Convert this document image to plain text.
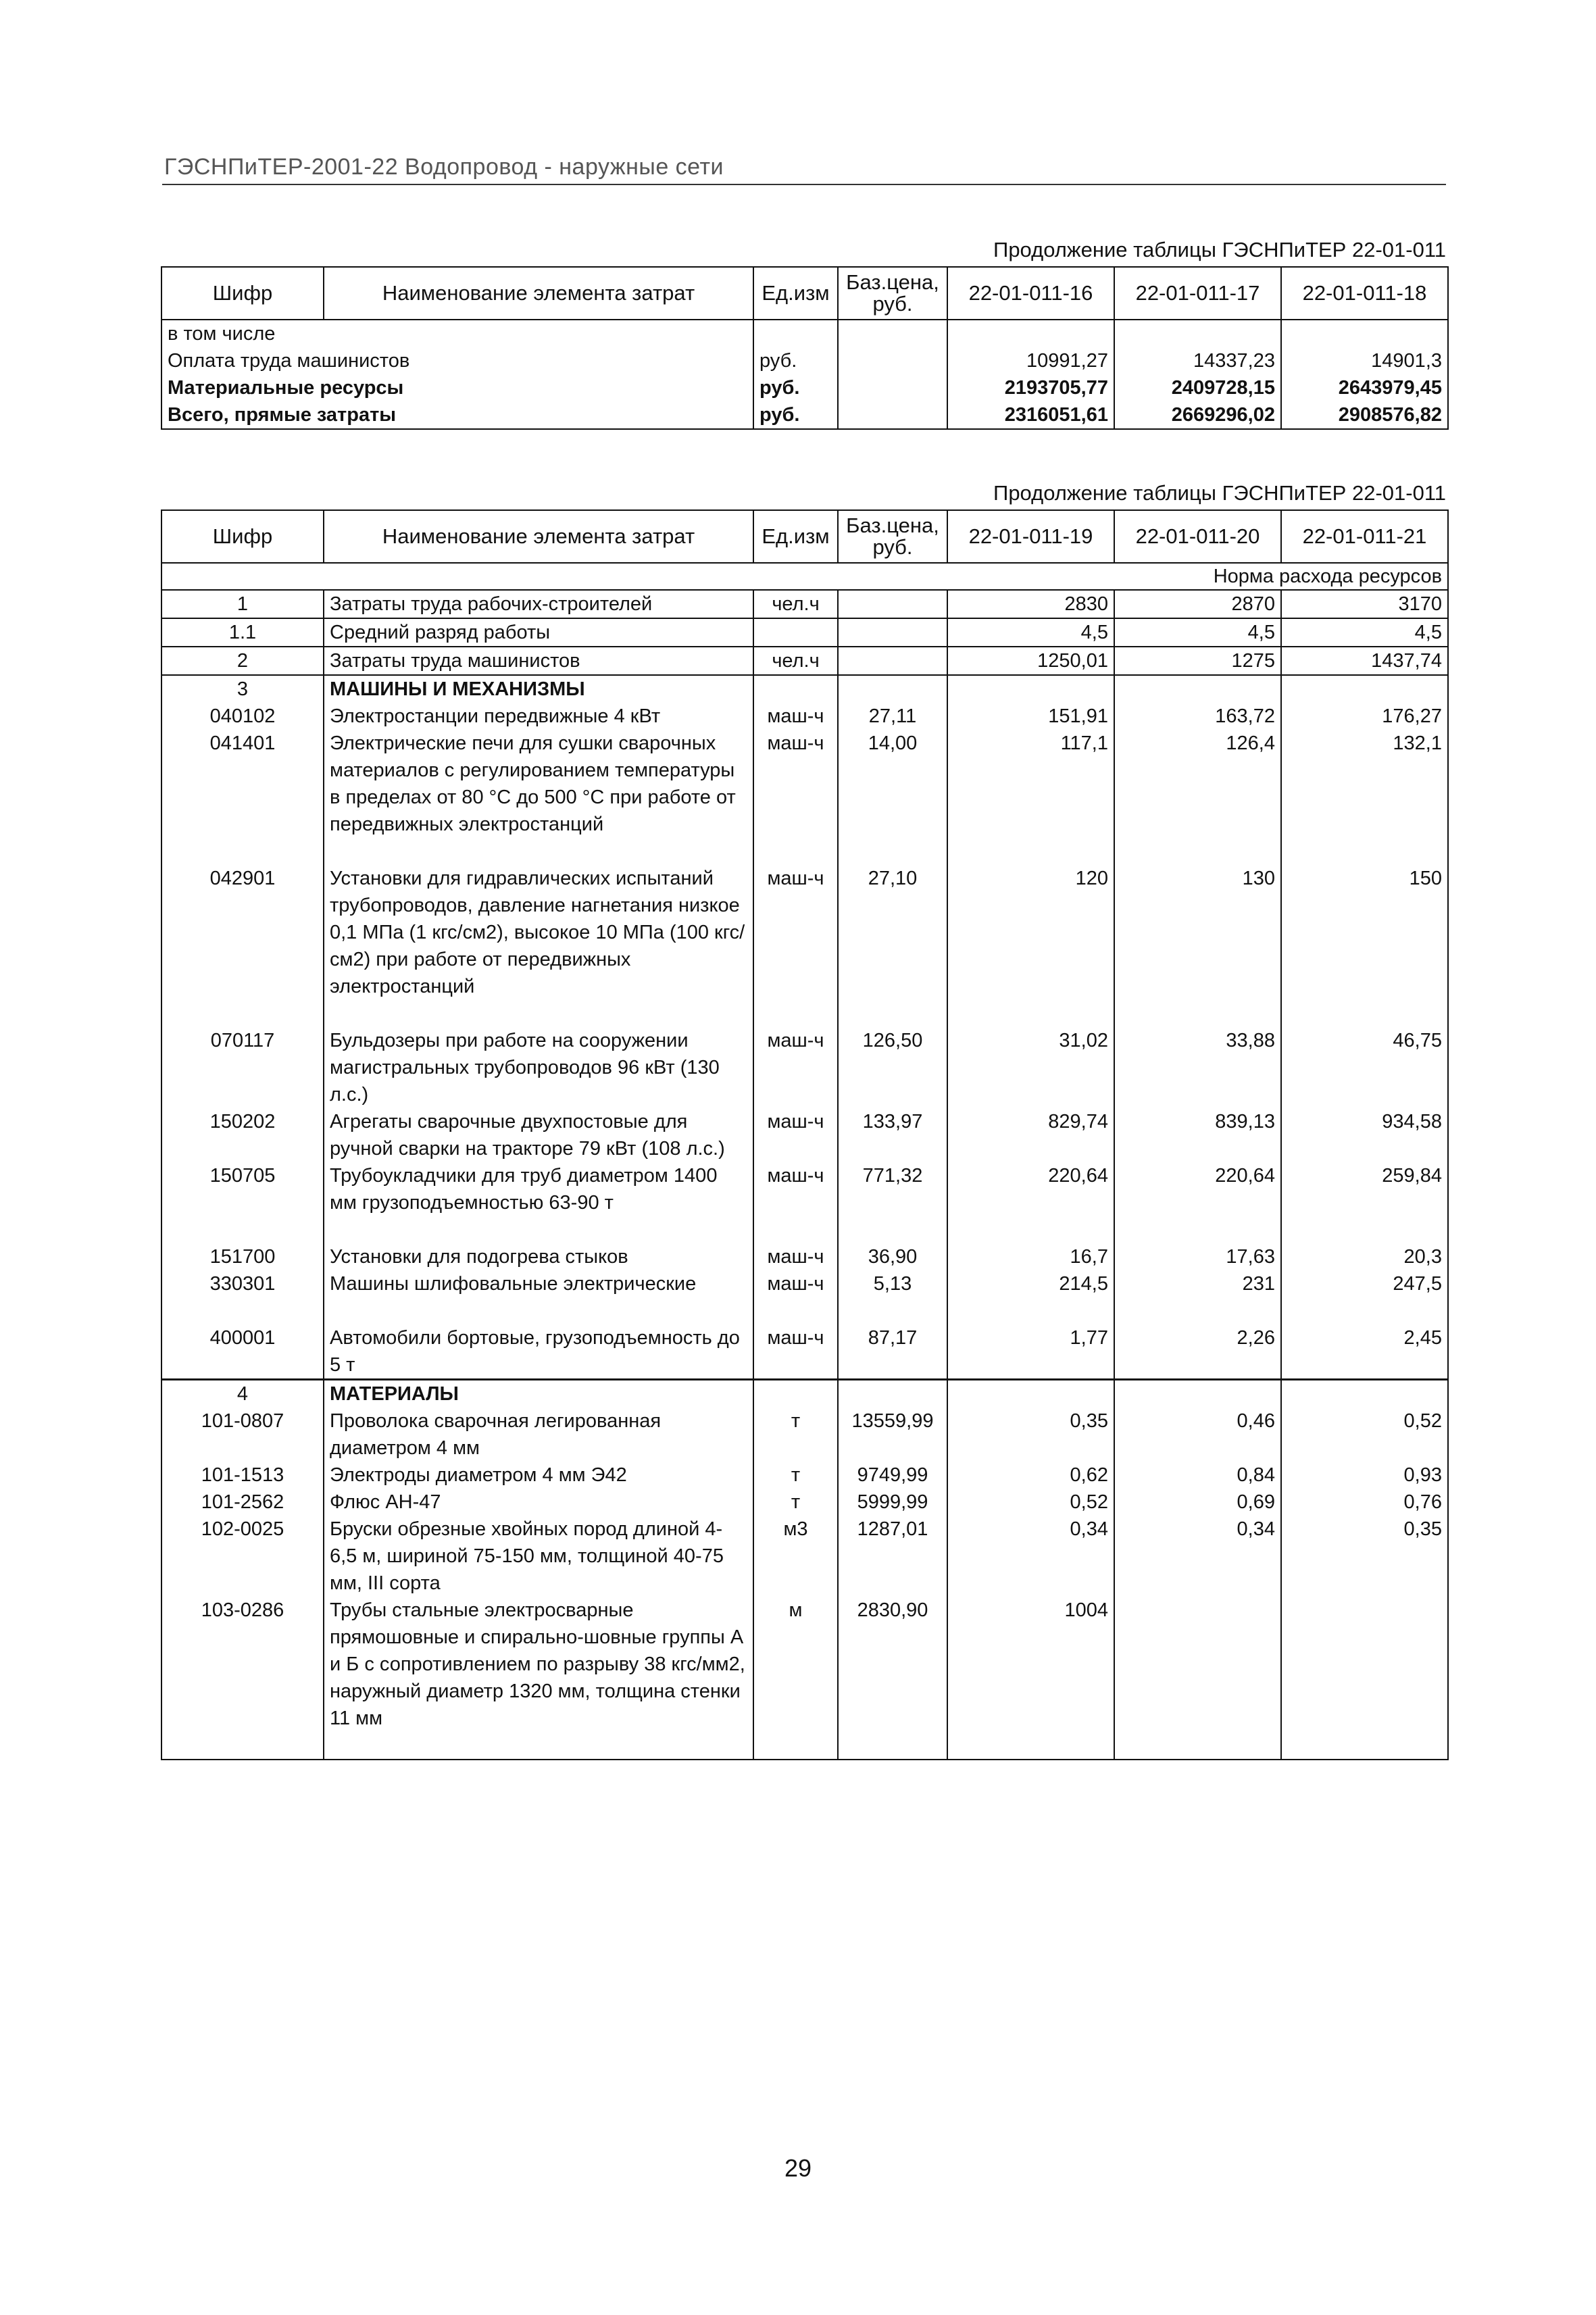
ГЭСНПиТЕР-2001-22 Водопровод - наружные сети
Продолжение таблицы ГЭСНПиТЕР 22-01-011
Шифр	Наименование элемента затрат	Ед.изм	Баз.цена, руб.	22-01-011-16	22-01-011-17	22-01-011-18
в том числе						
Оплата труда машинистов		руб.		10991,27	14337,23	14901,3
Материальные ресурсы		руб.		2193705,77	2409728,15	2643979,45
Всего, прямые затраты		руб.		2316051,61	2669296,02	2908576,82
Продолжение таблицы ГЭСНПиТЕР 22-01-011
Шифр	Наименование элемента затрат	Ед.изм	Баз.цена, руб.	22-01-011-19	22-01-011-20	22-01-011-21
Норма расхода ресурсов						
1	Затраты труда рабочих-строителей	чел.ч		2830	2870	3170
1.1	Средний разряд работы			4,5	4,5	4,5
2	Затраты труда машинистов	чел.ч		1250,01	1275	1437,74
3	МАШИНЫ И МЕХАНИЗМЫ					
040102	Электростанции передвижные 4 кВт	маш-ч	27,11	151,91	163,72	176,27
041401	Электрические печи для сушки сварочных материалов с регулированием температуры в пределах от 80 °С до 500 °С при работе от передвижных электростанций	маш-ч	14,00	117,1	126,4	132,1
042901	Установки для гидравлических испытаний трубопроводов, давление нагнетания низкое 0,1 МПа (1 кгс/см2), высокое 10 МПа (100 кгс/см2) при работе от передвижных электростанций	маш-ч	27,10	120	130	150
070117	Бульдозеры при работе на сооружении магистральных трубопроводов 96 кВт (130 л.с.)	маш-ч	126,50	31,02	33,88	46,75
150202	Агрегаты сварочные двухпостовые для ручной сварки на тракторе 79 кВт (108 л.с.)	маш-ч	133,97	829,74	839,13	934,58
150705	Трубоукладчики для труб диаметром 1400 мм грузоподъемностью 63-90 т	маш-ч	771,32	220,64	220,64	259,84
151700	Установки для подогрева стыков	маш-ч	36,90	16,7	17,63	20,3
330301	Машины шлифовальные электрические	маш-ч	5,13	214,5	231	247,5
400001	Автомобили бортовые, грузоподъемность до 5 т	маш-ч	87,17	1,77	2,26	2,45
4	МАТЕРИАЛЫ					
101-0807	Проволока сварочная легированная диаметром 4 мм	т	13559,99	0,35	0,46	0,52
101-1513	Электроды диаметром 4 мм Э42	т	9749,99	0,62	0,84	0,93
101-2562	Флюс АН-47	т	5999,99	0,52	0,69	0,76
102-0025	Бруски обрезные хвойных пород длиной 4-6,5 м, шириной 75-150 мм, толщиной 40-75 мм, III сорта	м3	1287,01	0,34	0,34	0,35
103-0286	Трубы стальные электросварные прямошовные и спирально-шовные группы А и Б с сопротивлением по разрыву 38 кгс/мм2, наружный диаметр 1320 мм, толщина стенки 11 мм	м	2830,90	1004		
29
